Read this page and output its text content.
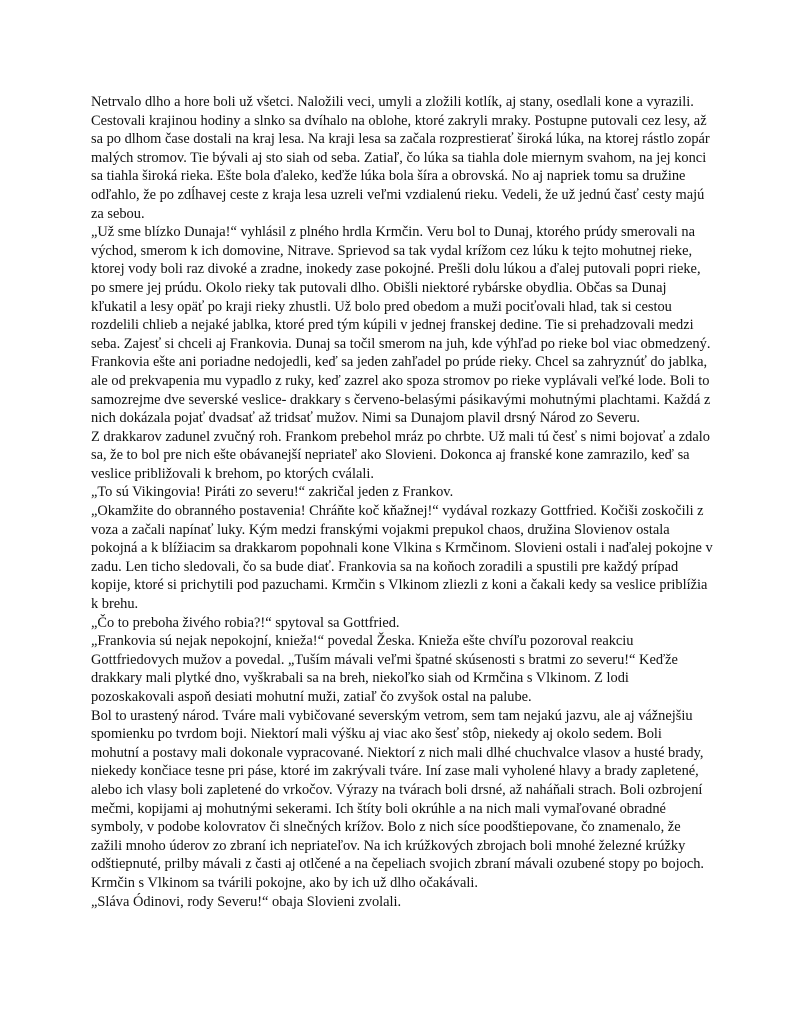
Netrvalo dlho a hore boli už všetci. Naložili veci, umyli a zložili kotlík, aj stany, osedlali kone a vyrazili. Cestovali krajinou hodiny a slnko sa dvíhalo na oblohe, ktoré zakryli mraky. Postupne putovali cez lesy, až sa po dlhom čase dostali na kraj lesa. Na kraji lesa sa začala rozprestierať široká lúka, na ktorej rástlo zopár malých stromov. Tie bývali aj sto siah od seba. Zatiaľ, čo lúka sa tiahla dole miernym svahom, na jej konci sa tiahla široká rieka. Ešte bola ďaleko, keďže lúka bola šíra a obrovská. No aj napriek tomu sa družine odľahlo, že po zdĺhavej ceste z kraja lesa uzreli veľmi vzdialenú rieku. Vedeli, že už jednú časť cesty majú za sebou.

„Už sme blízko Dunaja!“ vyhlásil z plného hrdla Krmčin. Veru bol to Dunaj, ktorého prúdy smerovali na východ, smerom k ich domovine, Nitrave. Sprievod sa tak vydal krížom cez lúku k tejto mohutnej rieke, ktorej vody boli raz divoké a zradne, inokedy zase pokojné. Prešli dolu lúkou a ďalej putovali popri rieke, po smere jej prúdu. Okolo rieky tak putovali dlho. Obišli niektoré rybárske obydlia. Občas sa Dunaj kľukatil a lesy opäť po kraji rieky zhustli. Už bolo pred obedom a muži pociťovali hlad, tak si cestou rozdelili chlieb a nejaké jablka, ktoré pred tým kúpili v jednej franskej dedine. Tie si prehadzovali medzi seba. Zajesť si chceli aj Frankovia. Dunaj sa točil smerom na juh, kde výhľad po rieke bol viac obmedzený. Frankovia ešte ani poriadne nedojedli, keď sa jeden zahľadel po prúde rieky. Chcel sa zahryznúť do jablka, ale od prekvapenia mu vypadlo z ruky, keď zazrel ako spoza stromov po rieke vyplávali veľké lode. Boli to samozrejme dve severské veslice- drakkary s červeno-belasými pásikavými mohutnými plachtami. Každá z nich dokázala pojať dvadsať až tridsať mužov. Nimi sa Dunajom plavil drsný Národ zo Severu.

Z drakkarov zadunel zvučný roh. Frankom prebehol mráz po chrbte. Už mali tú česť s nimi bojovať a zdalo sa, že to bol pre nich ešte obávanejší nepriateľ ako Slovieni. Dokonca aj franské kone zamrazilo, keď sa veslice približovali k brehom, po ktorých cválali.

„To sú Vikingovia! Piráti zo severu!“ zakričal jeden z Frankov.

„Okamžite do obranného postavenia! Chráňte koč kňažnej!“ vydával rozkazy Gottfried. Kočiši zoskočili z voza a začali napínať luky. Kým medzi franskými vojakmi prepukol chaos, družina Slovienov ostala pokojná a k blížiacim sa drakkarom popohnali kone Vlkina s Krmčinom. Slovieni ostali i naďalej pokojne v zadu. Len ticho sledovali, čo sa bude diať. Frankovia sa na koňoch zoradili a spustili pre každý prípad kopije, ktoré si prichytili pod pazuchami. Krmčin s Vlkinom zliezli z koni a čakali kedy sa veslice priblížia k brehu.

„Čo to preboha živého robia?!“ spytoval sa Gottfried.

„Frankovia sú nejak nepokojní, knieža!“ povedal Žeska. Knieža ešte chvíľu pozoroval reakciu Gottfriedovych mužov a povedal. „Tuším mávali veľmi špatné skúsenosti s bratmi zo severu!“ Keďže drakkary mali plytké dno, vyškrabali sa na breh, niekoľko siah od Krmčina s Vlkinom. Z lodi pozoskakovali aspoň desiati mohutní muži, zatiaľ čo zvyšok ostal na palube.

Bol to urastený národ. Tváre mali vybičované severským vetrom, sem tam nejakú jazvu, ale aj vážnejšiu spomienku po tvrdom boji. Niektorí mali výšku aj viac ako šesť stôp, niekedy aj okolo sedem. Boli mohutní a postavy mali dokonale vypracované. Niektorí z nich mali dlhé chuchvalce vlasov a husté brady, niekedy končiace tesne pri páse, ktoré im zakrývali tváre. Iní zase mali vyholené hlavy a brady zapletené, alebo ich vlasy boli zapletené do vrkočov. Výrazy na tvárach boli drsné, až naháňali strach. Boli ozbrojení mečmi, kopijami aj mohutnými sekerami. Ich štíty boli okrúhle a na nich mali vymaľované obradné symboly, v podobe kolovratov či slnečných krížov. Bolo z nich síce poodštiepovane, čo znamenalo, že zažili mnoho úderov zo zbraní ich nepriateľov. Na ich krúžkových zbrojach boli mnohé železné krúžky odštiepnuté, prilby mávali z časti aj otlčené a na čepeliach svojich zbraní mávali ozubené stopy po bojoch.

Krmčin s Vlkinom sa tvárili pokojne, ako by ich už dlho očakávali.

„Sláva Ódinovi, rody Severu!“ obaja Slovieni zvolali.
